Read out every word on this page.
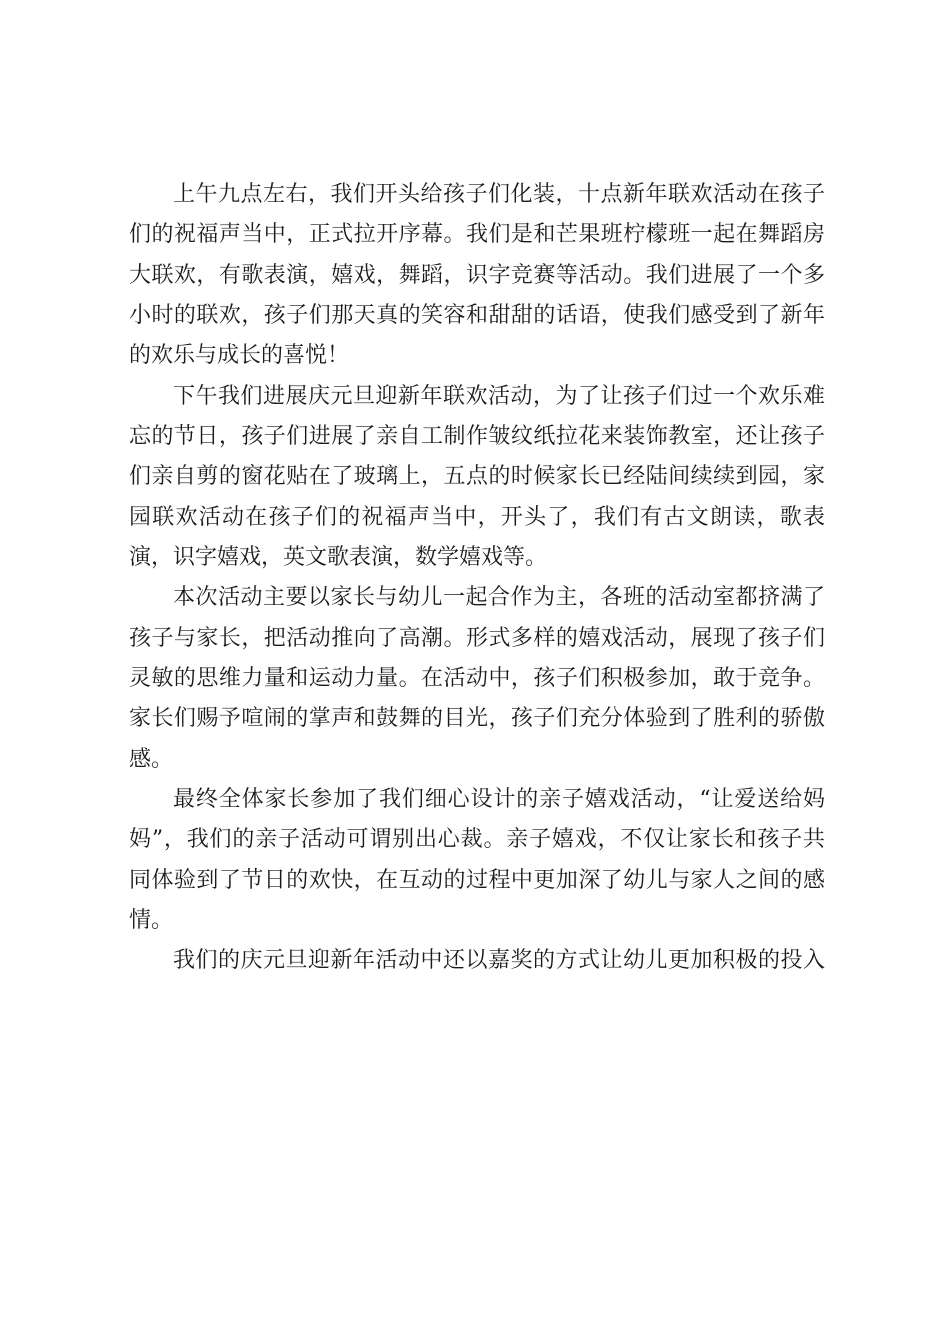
上午九点左右，我们开头给孩子们化装，十点新年联欢活动在孩子
们的祝福声当中，正式拉开序幕。我们是和芒果班柠檬班一起在舞蹈房
大联欢，有歌表演，嬉戏，舞蹈，识字竞赛等活动。我们进展了一个多
小时的联欢，孩子们那天真的笑容和甜甜的话语，使我们感受到了新年
的欢乐与成长的喜悦！
下午我们进展庆元旦迎新年联欢活动，为了让孩子们过一个欢乐难
忘的节日，孩子们进展了亲自工制作皱纹纸拉花来装饰教室，还让孩子
们亲自剪的窗花贴在了玻璃上，五点的时候家长已经陆间续续到园，家
园联欢活动在孩子们的祝福声当中，开头了，我们有古文朗读，歌表
演，识字嬉戏，英文歌表演，数学嬉戏等。
本次活动主要以家长与幼儿一起合作为主，各班的活动室都挤满了
孩子与家长，把活动推向了高潮。形式多样的嬉戏活动，展现了孩子们
灵敏的思维力量和运动力量。在活动中，孩子们积极参加，敢于竞争。
家长们赐予喧闹的掌声和鼓舞的目光，孩子们充分体验到了胜利的骄傲
感。
最终全体家长参加了我们细心设计的亲子嬉戏活动，“让爱送给妈
妈”，我们的亲子活动可谓别出心裁。亲子嬉戏，不仅让家长和孩子共
同体验到了节日的欢快，在互动的过程中更加深了幼儿与家人之间的感
情。
我们的庆元旦迎新年活动中还以嘉奖的方式让幼儿更加积极的投入
